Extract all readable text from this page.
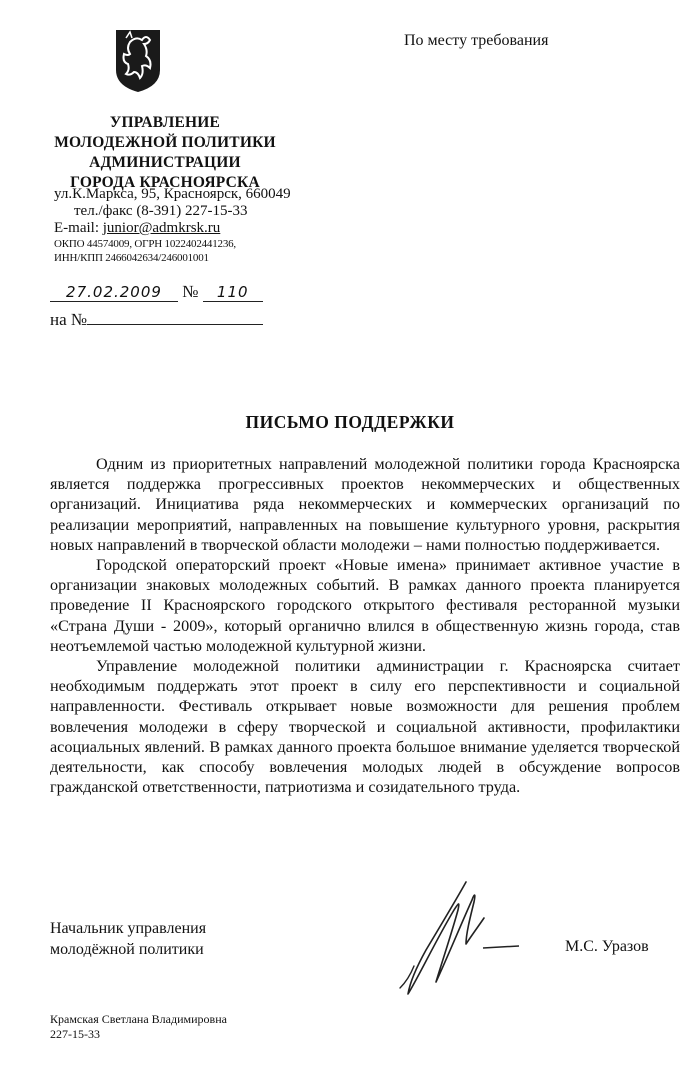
По месту требования
УПРАВЛЕНИЕ
МОЛОДЕЖНОЙ ПОЛИТИКИ
АДМИНИСТРАЦИИ
ГОРОДА КРАСНОЯРСКА
ул.К.Маркса, 95, Красноярск, 660049
тел./факс (8-391) 227-15-33
E-mail: junior@admkrsk.ru
ОКПО 44574009, ОГРН 1022402441236,
ИНН/КПП 2466042634/246001001
27.02.2009 № 110
на №
ПИСЬМО ПОДДЕРЖКИ

Одним из приоритетных направлений молодежной политики города Красноярска является поддержка прогрессивных проектов некоммерческих и общественных организаций. Инициатива ряда некоммерческих и коммерческих организаций по реализации мероприятий, направленных на повышение культурного уровня, раскрытия новых направлений в творческой области молодежи – нами полностью поддерживается.

Городской операторский проект «Новые имена» принимает активное участие в организации знаковых молодежных событий. В рамках данного проекта планируется проведение II Красноярского городского открытого фестиваля ресторанной музыки «Страна Души - 2009», который органично влился в общественную жизнь города, став неотъемлемой частью молодежной культурной жизни.

Управление молодежной политики администрации г. Красноярска считает необходимым поддержать этот проект в силу его перспективности и социальной направленности. Фестиваль открывает новые возможности для решения проблем вовлечения молодежи в сферу творческой и социальной активности, профилактики асоциальных явлений. В рамках данного проекта большое внимание уделяется творческой деятельности, как способу вовлечения молодых людей в обсуждение вопросов гражданской ответственности, патриотизма и созидательного труда.

Начальник управления
молодёжной политики	М.С. Уразов
Крамская Светлана Владимировна
227-15-33
